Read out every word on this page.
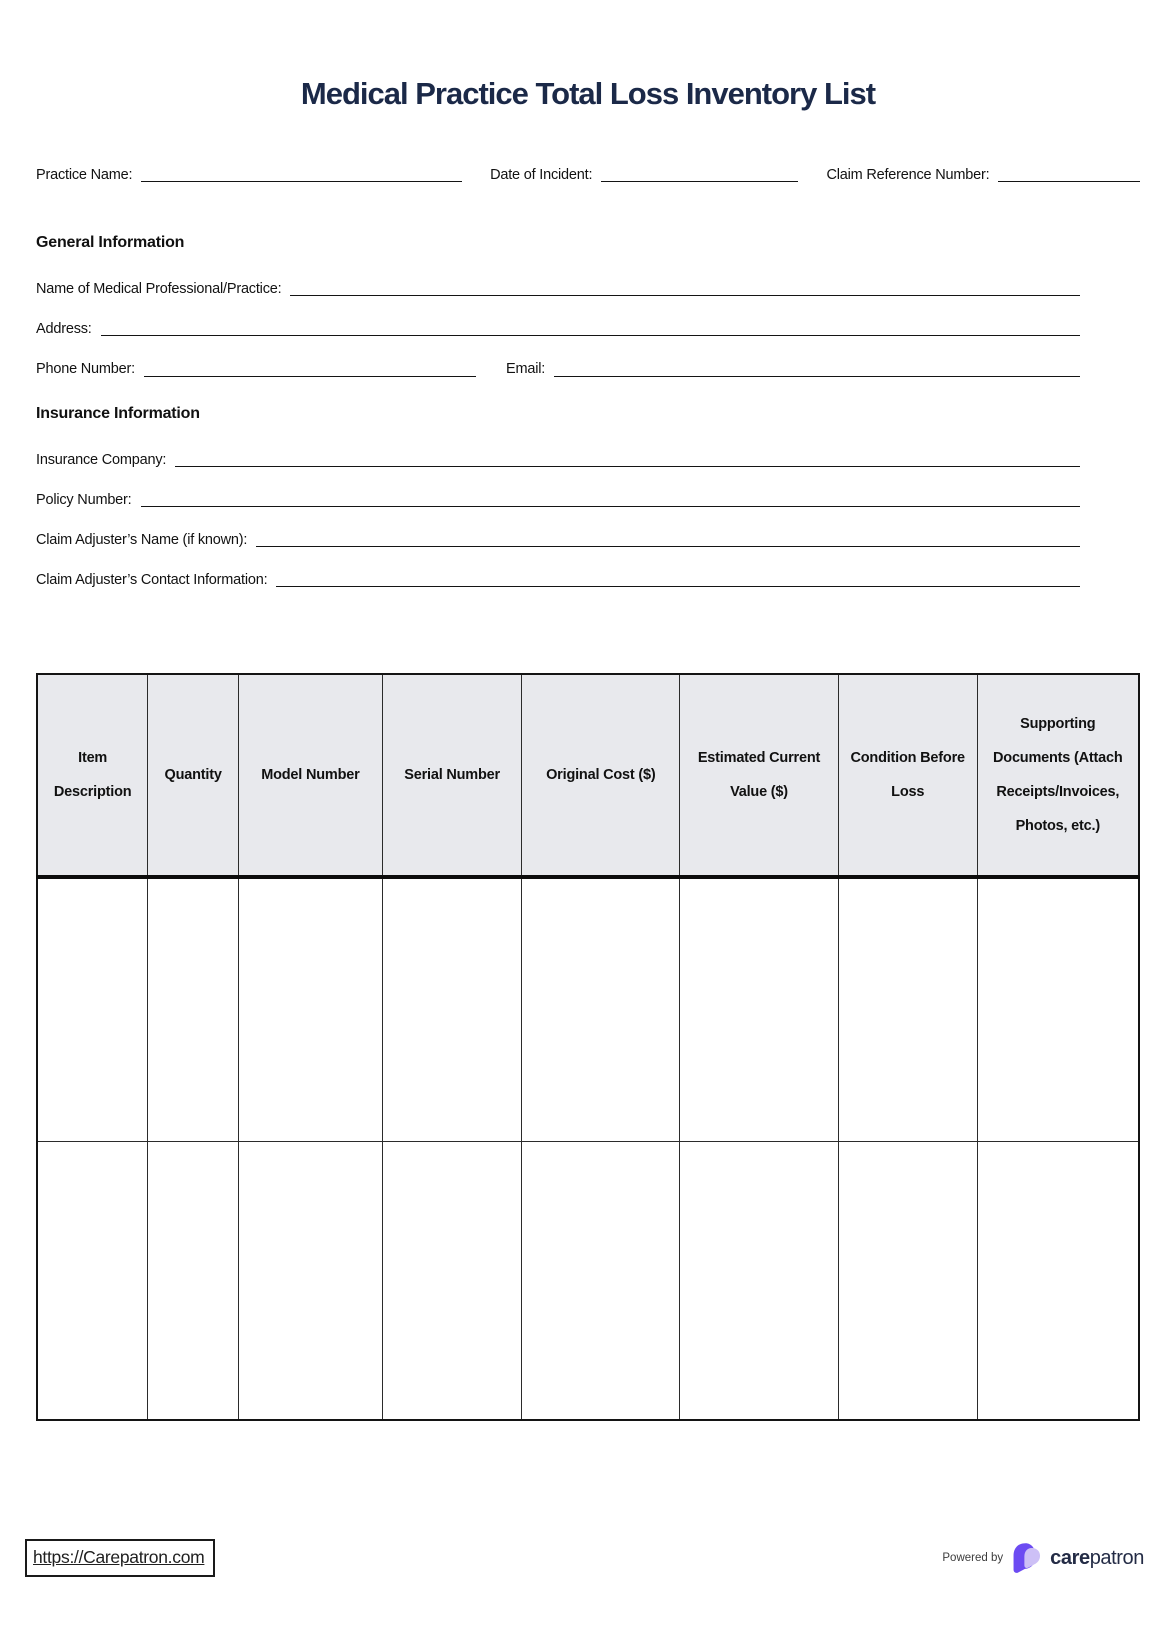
Medical Practice Total Loss Inventory List
Practice Name:	Date of Incident:	Claim Reference Number:
General Information
Name of Medical Professional/Practice:
Address:
Phone Number:	Email:
Insurance Information
Insurance Company:
Policy Number:
Claim Adjuster’s Name (if known):
Claim Adjuster’s Contact Information:
Item Description	Quantity	Model Number	Serial Number	Original Cost ($)	Estimated Current Value ($)	Condition Before Loss	Supporting Documents (Attach Receipts/Invoices, Photos, etc.)

https://Carepatron.com	Powered by carepatron
